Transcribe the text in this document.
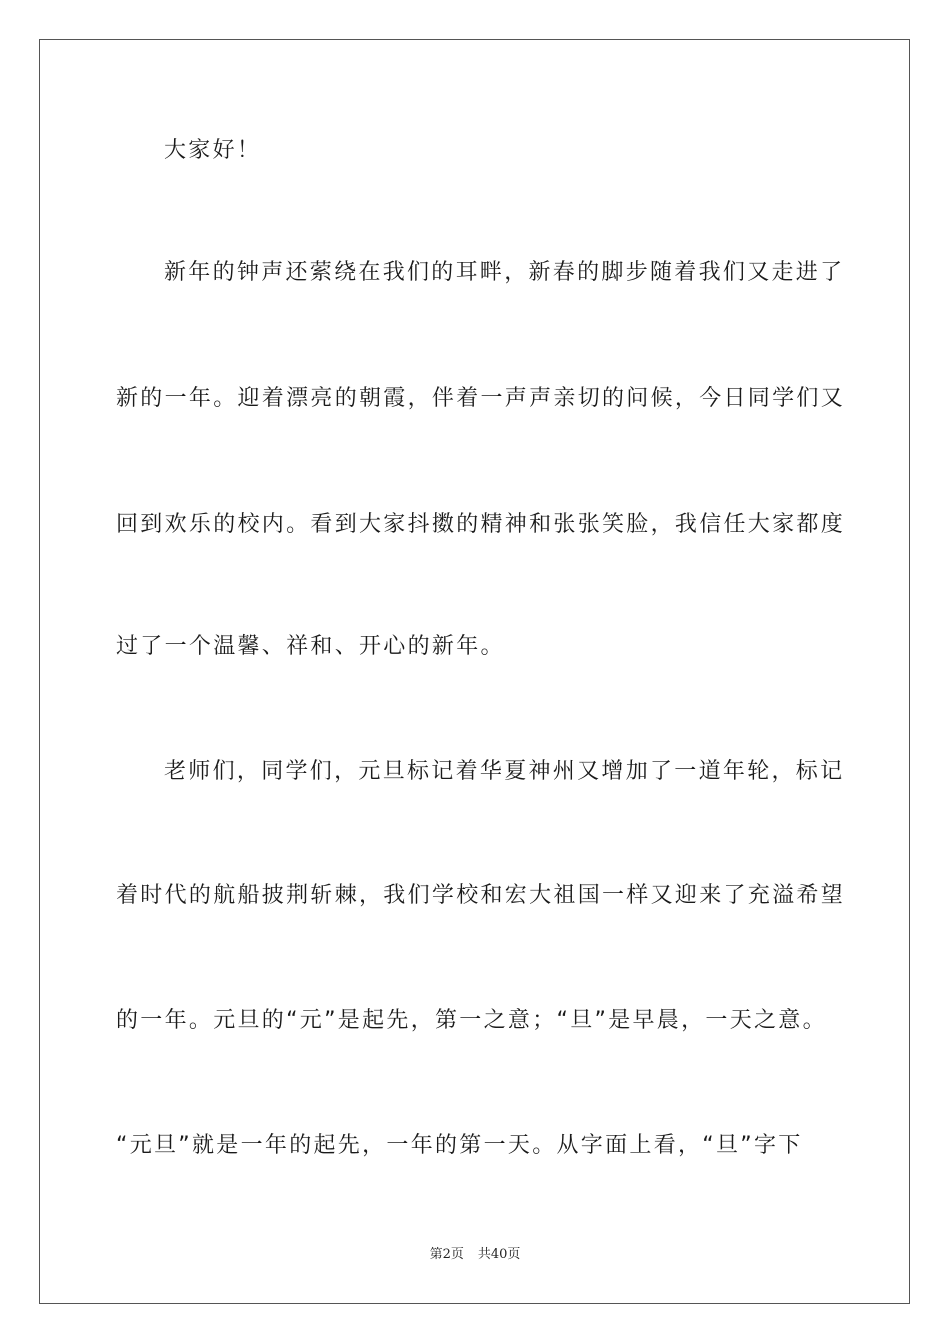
大家好！
新年的钟声还萦绕在我们的耳畔，新春的脚步随着我们又走进了
新的一年。迎着漂亮的朝霞，伴着一声声亲切的问候，今日同学们又
回到欢乐的校内。看到大家抖擞的精神和张张笑脸，我信任大家都度
过了一个温馨、祥和、开心的新年。
老师们，同学们，元旦标记着华夏神州又增加了一道年轮，标记
着时代的航船披荆斩棘，我们学校和宏大祖国一样又迎来了充溢希望
的一年。元旦的“元”是起先，第一之意；“旦”是早晨，一天之意。
“元旦”就是一年的起先，一年的第一天。从字面上看，“旦”字下
第2页 共40页
